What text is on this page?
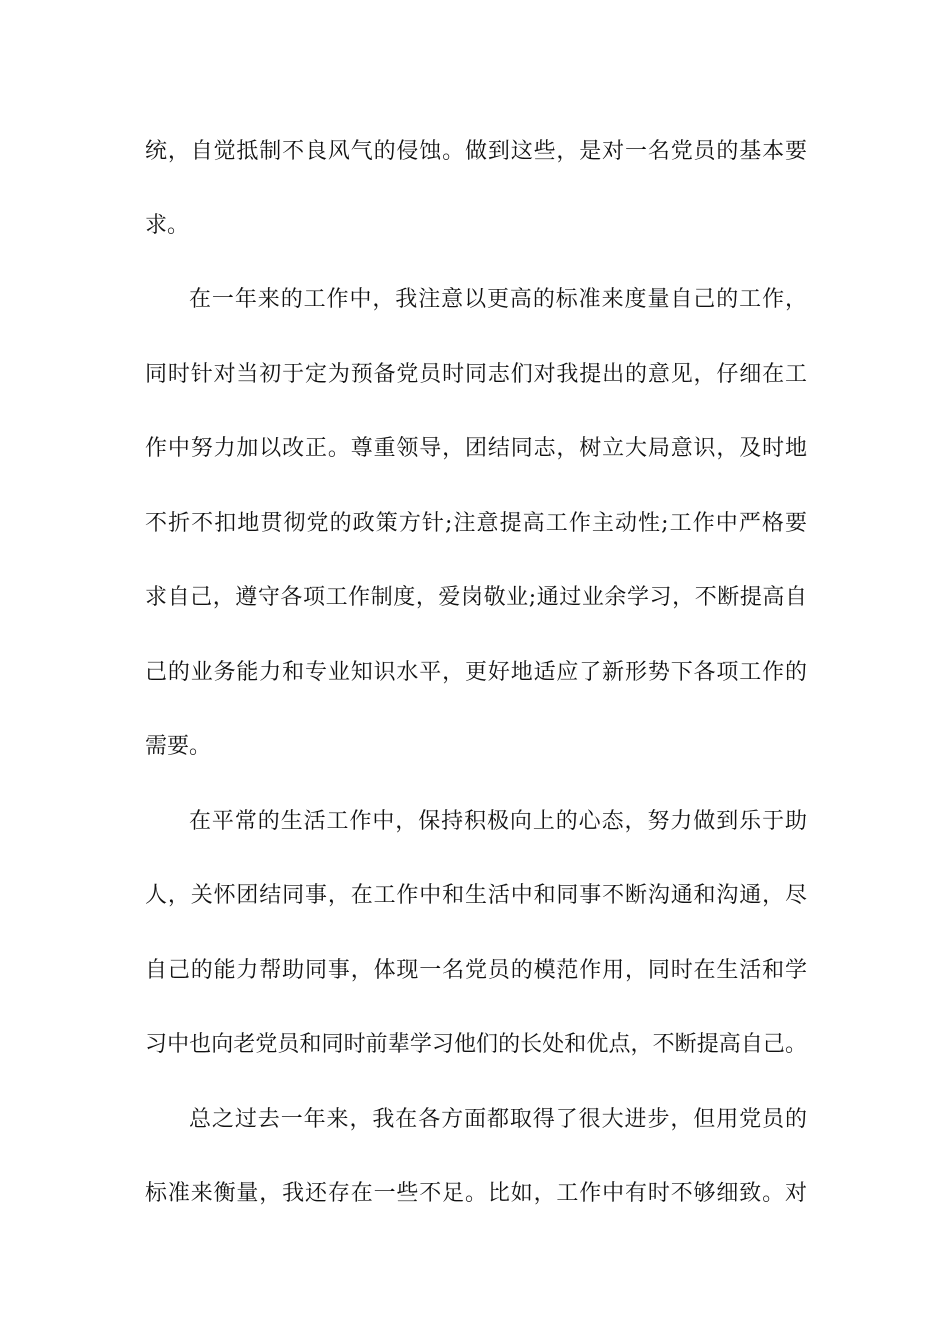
统，自觉抵制不良风气的侵蚀。做到这些，是对一名党员的基本要
求。
在一年来的工作中，我注意以更高的标准来度量自己的工作，
同时针对当初于定为预备党员时同志们对我提出的意见，仔细在工
作中努力加以改正。尊重领导，团结同志，树立大局意识，及时地
不折不扣地贯彻党的政策方针;注意提高工作主动性;工作中严格要
求自己，遵守各项工作制度，爱岗敬业;通过业余学习，不断提高自
己的业务能力和专业知识水平，更好地适应了新形势下各项工作的
需要。
在平常的生活工作中，保持积极向上的心态，努力做到乐于助
人，关怀团结同事，在工作中和生活中和同事不断沟通和沟通，尽
自己的能力帮助同事，体现一名党员的模范作用，同时在生活和学
习中也向老党员和同时前辈学习他们的长处和优点，不断提高自己。
总之过去一年来，我在各方面都取得了很大进步，但用党员的
标准来衡量，我还存在一些不足。比如，工作中有时不够细致。对
